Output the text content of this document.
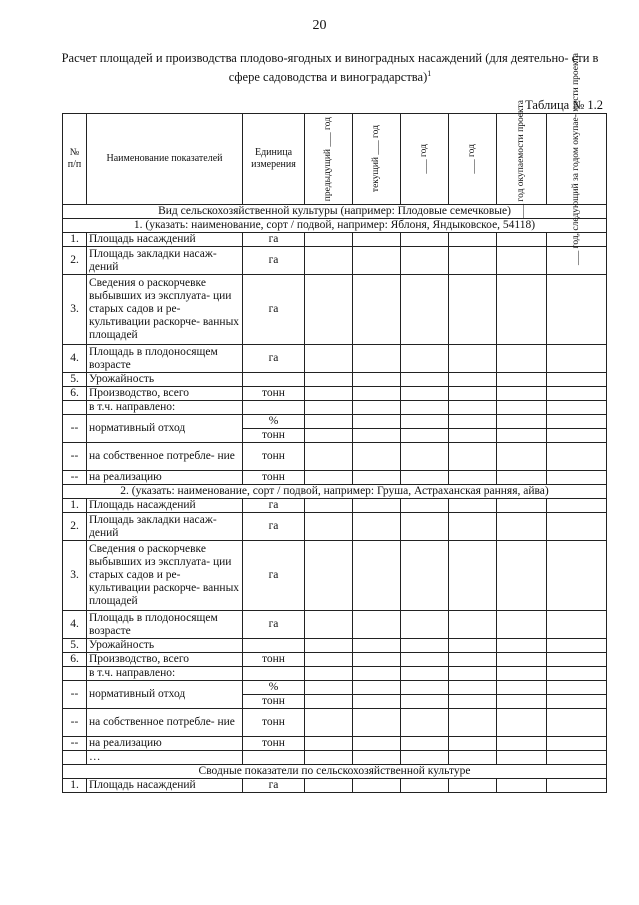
20
Расчет площадей и производства плодово-ягодных и виноградных насаждений (для деятельно- сти в сфере садоводства и виноградарства)$^1$
Таблица № 1.2
№ п/п	Наименование показателей	Единица измерения	предыдущий ___ год	текущий ___ год	___ год	___ год	___ год окупаемости проекта	___ год, следующий за годом окупае- мости проекта

Вид сельскохозяйственной культуры (например: Плодовые семечковые)								
1. (указать: наименование, сорт / подвой, например: Яблоня, Яндыковское, 54118)								
1.	Площадь насаждений	га						
2.	Площадь закладки насаж- дений	га						
3.	Сведения о раскорчевке выбывших из эксплуата- ции старых садов и ре- культивации раскорче- ванных площадей	га						
4.	Площадь в плодоносящем возрасте	га						
5.	Урожайность							
6.	Производство, всего	тонн						
	в т.ч. направлено:							
--	нормативный отход	%						
		тонн						
--	на собственное потребле- ние	тонн						
--	на реализацию	тонн						
2. (указать: наименование, сорт / подвой, например: Груша, Астраханская ранняя, айва)								
1.	Площадь насаждений	га						
2.	Площадь закладки насаж- дений	га						
3.	Сведения о раскорчевке выбывших из эксплуата- ции старых садов и ре- культивации раскорче- ванных площадей	га						
4.	Площадь в плодоносящем возрасте	га						
5.	Урожайность							
6.	Производство, всего	тонн						
	в т.ч. направлено:							
--	нормативный отход	%						
		тонн						
--	на собственное потребле- ние	тонн						
--	на реализацию	тонн						
	…							
Сводные показатели по сельскохозяйственной культуре								
1.	Площадь насаждений	га						
